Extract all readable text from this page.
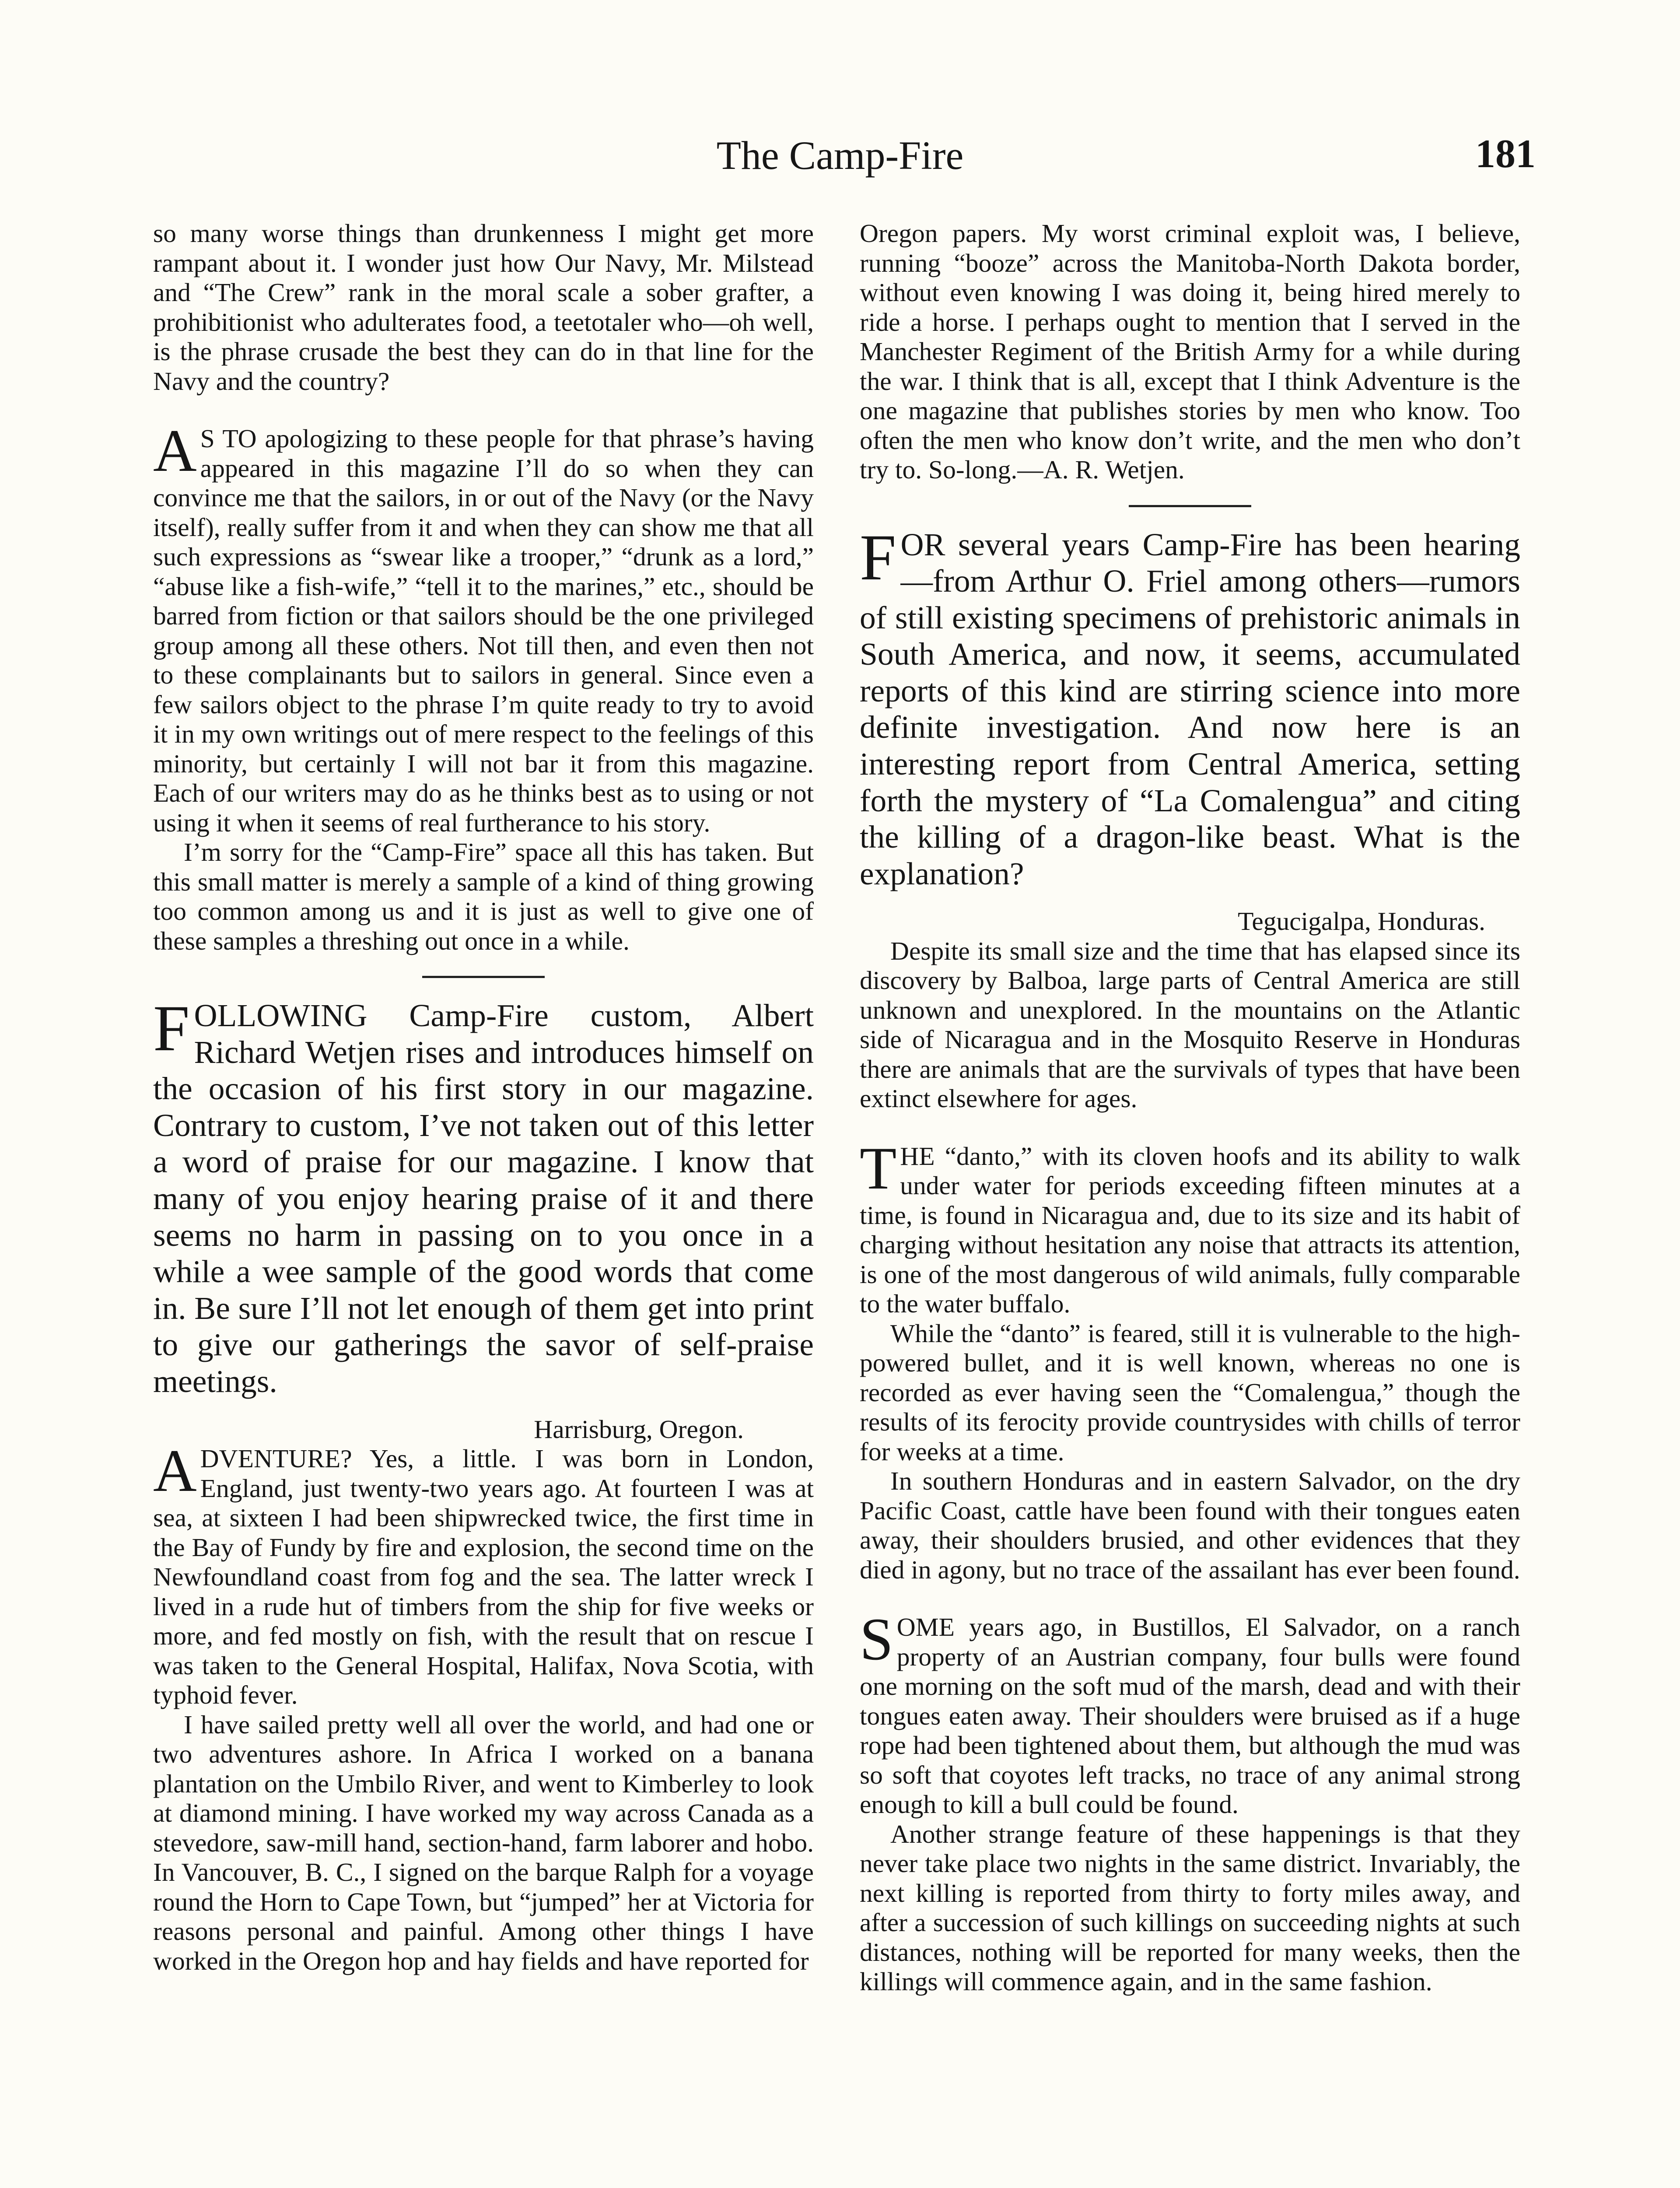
The Camp-Fire	181

so many worse things than drunkenness I might get more rampant about it. I wonder just how Our Navy, Mr. Milstead and “The Crew” rank in the moral scale a sober grafter, a prohibitionist who adulterates food, a teetotaler who—oh well, is the phrase crusade the best they can do in that line for the Navy and the country?

A S TO apologizing to these people for that phrase’s having appeared in this magazine I’ll do so when they can convince me that the sailors, in or out of the Navy (or the Navy itself), really suffer from it and when they can show me that all such expressions as “swear like a trooper,” “drunk as a lord,” “abuse like a fish-wife,” “tell it to the marines,” etc., should be barred from fiction or that sailors should be the one privileged group among all these others. Not till then, and even then not to these complainants but to sailors in general. Since even a few sailors object to the phrase I’m quite ready to try to avoid it in my own writings out of mere respect to the feelings of this minority, but certainly I will not bar it from this magazine. Each of our writers may do as he thinks best as to using or not using it when it seems of real furtherance to his story.

I’m sorry for the “Camp-Fire” space all this has taken. But this small matter is merely a sample of a kind of thing growing too common among us and it is just as well to give one of these samples a threshing out once in a while.

FOLLOWING Camp-Fire custom, Albert Richard Wetjen rises and introduces himself on the occasion of his first story in our magazine. Contrary to custom, I’ve not taken out of this letter a word of praise for our magazine. I know that many of you enjoy hearing praise of it and there seems no harm in passing on to you once in a while a wee sample of the good words that come in. Be sure I’ll not let enough of them get into print to give our gatherings the savor of self-praise meetings.

Harrisburg, Oregon.

ADVENTURE? Yes, a little. I was born in London, England, just twenty-two years ago. At fourteen I was at sea, at sixteen I had been shipwrecked twice, the first time in the Bay of Fundy by fire and explosion, the second time on the Newfoundland coast from fog and the sea. The latter wreck I lived in a rude hut of timbers from the ship for five weeks or more, and fed mostly on fish, with the result that on rescue I was taken to the General Hospital, Halifax, Nova Scotia, with typhoid fever.

I have sailed pretty well all over the world, and had one or two adventures ashore. In Africa I worked on a banana plantation on the Umbilo River, and went to Kimberley to look at diamond mining. I have worked my way across Canada as a stevedore, saw-mill hand, section-hand, farm laborer and hobo. In Vancouver, B. C., I signed on the barque Ralph for a voyage round the Horn to Cape Town, but “jumped” her at Victoria for reasons personal and painful. Among other things I have worked in the Oregon hop and hay fields and have reported for

Oregon papers. My worst criminal exploit was, I believe, running “booze” across the Manitoba-North Dakota border, without even knowing I was doing it, being hired merely to ride a horse. I perhaps ought to mention that I served in the Manchester Regiment of the British Army for a while during the war. I think that is all, except that I think Adventure is the one magazine that publishes stories by men who know. Too often the men who know don’t write, and the men who don’t try to. So-long.—A. R. Wetjen.

FOR several years Camp-Fire has been hearing—from Arthur O. Friel among others—rumors of still existing specimens of prehistoric animals in South America, and now, it seems, accumulated reports of this kind are stirring science into more definite investigation. And now here is an interesting report from Central America, setting forth the mystery of “La Comalengua” and citing the killing of a dragon-like beast. What is the explanation?

Tegucigalpa, Honduras.

Despite its small size and the time that has elapsed since its discovery by Balboa, large parts of Central America are still unknown and unexplored. In the mountains on the Atlantic side of Nicaragua and in the Mosquito Reserve in Honduras there are animals that are the survivals of types that have been extinct elsewhere for ages.

THE “danto,” with its cloven hoofs and its ability to walk under water for periods exceeding fifteen minutes at a time, is found in Nicaragua and, due to its size and its habit of charging without hesitation any noise that attracts its attention, is one of the most dangerous of wild animals, fully comparable to the water buffalo.

While the “danto” is feared, still it is vulnerable to the high-powered bullet, and it is well known, whereas no one is recorded as ever having seen the “Comalengua,” though the results of its ferocity provide countrysides with chills of terror for weeks at a time.

In southern Honduras and in eastern Salvador, on the dry Pacific Coast, cattle have been found with their tongues eaten away, their shoulders brusied, and other evidences that they died in agony, but no trace of the assailant has ever been found.

SOME years ago, in Bustillos, El Salvador, on a ranch property of an Austrian company, four bulls were found one morning on the soft mud of the marsh, dead and with their tongues eaten away. Their shoulders were bruised as if a huge rope had been tightened about them, but although the mud was so soft that coyotes left tracks, no trace of any animal strong enough to kill a bull could be found.

Another strange feature of these happenings is that they never take place two nights in the same district. Invariably, the next killing is reported from thirty to forty miles away, and after a succession of such killings on succeeding nights at such distances, nothing will be reported for many weeks, then the killings will commence again, and in the same fashion.
